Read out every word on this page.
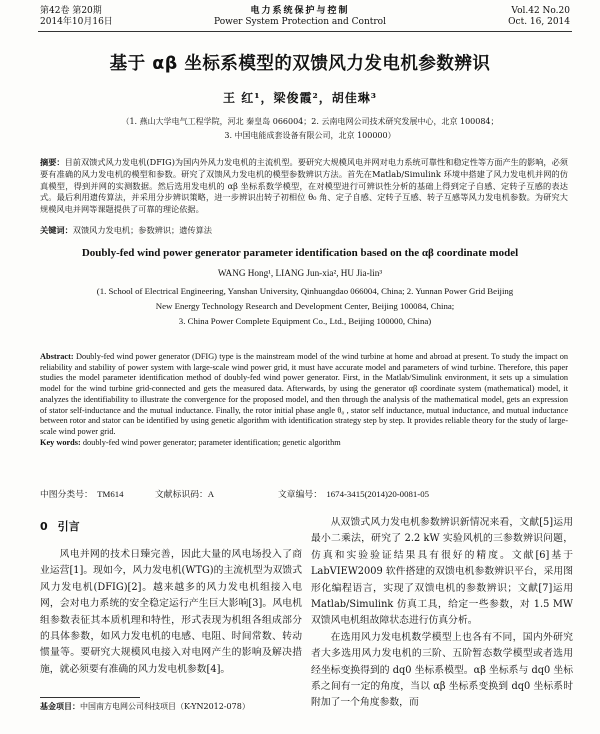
第42卷 第20期
2014年10月16日
电力系统保护与控制
Power System Protection and Control
Vol.42 No.20
Oct. 16, 2014
基于 αβ 坐标系模型的双馈风力发电机参数辨识
王 红¹，梁俊霞²，胡佳琳³
（1. 燕山大学电气工程学院，河北 秦皇岛 066004；2. 云南电网公司技术研究发展中心，北京 100084；
3. 中国电能成套设备有限公司，北京 100000）
摘要：目前双馈式风力发电机(DFIG)为国内外风力发电机的主流机型。要研究大规模风电并网对电力系统可靠性和稳定性等方面产生的影响，必须要有准确的风力发电机的模型和参数。研究了双馈风力发电机的模型参数辨识方法。首先在Matlab/Simulink 环境中搭建了风力发电机并网的仿真模型，得到并网的实测数据。然后选用发电机的 αβ 坐标系数学模型，在对模型进行可辨识性分析的基础上得到定子自感、定转子互感的表达式。最后利用遗传算法，并采用分步辨识策略，进一步辨识出转子初相位 θ₀ 角、定子自感、定转子互感、转子互感等风力发电机参数。为研究大规模风电并网等课题提供了可靠的理论依据。
关键词：双馈风力发电机；参数辨识；遗传算法
Doubly-fed wind power generator parameter identification based on the αβ coordinate model
WANG Hong¹, LIANG Jun-xia², HU Jia-lin³
(1. School of Electrical Engineering, Yanshan University, Qinhuangdao 066004, China; 2. Yunnan Power Grid Beijing
New Energy Technology Research and Development Center, Beijing 100084, China;
3. China Power Complete Equipment Co., Ltd., Beijing 100000, China)
Abstract: Doubly-fed wind power generator (DFIG) type is the mainstream model of the wind turbine at home and abroad at present. To study the impact on reliability and stability of power system with large-scale wind power grid, it must have accurate model and parameters of wind turbine. Therefore, this paper studies the model parameter identification method of doubly-fed wind power generator. First, in the Matlab/Simulink environment, it sets up a simulation model for the wind turbine grid-connected and gets the measured data. Afterwards, by using the generator αβ coordinate system (mathematical) model, it analyzes the identifiability to illustrate the convergence for the proposed model, and then through the analysis of the mathematical model, gets an expression of stator self-inductance and the mutual inductance. Finally, the rotor initial phase angle θ₀ , stator self inductance, mutual inductance, and mutual inductance between rotor and stator can be identified by using genetic algorithm with identification strategy step by step. It provides reliable theory for the study of large-scale wind power grid.
Key words: doubly-fed wind power generator; parameter identification; genetic algorithm
中图分类号：　TM614	文献标识码：A	文章编号：　1674-3415(2014)20-0081-05
0 引言
风电并网的技术日臻完善，因此大量的风电场投入了商业运营[1]。现如今，风力发电机(WTG)的主流机型为双馈式风力发电机(DFIG)[2]。越来越多的风力发电机组接入电网，会对电力系统的安全稳定运行产生巨大影响[3]。风电机组参数表征其本质机理和特性，形式表现为机组各组成部分的具体参数，如风力发电机的电感、电阻、时间常数、转动惯量等。要研究大规模风电接入对电网产生的影响及解决措施，就必须要有准确的风力发电机参数[4]。

从双馈式风力发电机参数辨识新情况来看，文献[5]运用最小二乘法，研究了 2.2 kW 实验风机的三参数辨识问题，仿真和实验验证结果具有很好的精度。文献[6]基于 LabVIEW2009 软件搭建的双馈电机参数辨识平台，采用图形化编程语言，实现了双馈电机的参数辨识；文献[7]运用 Matlab/Simulink 仿真工具，给定一些参数，对 1.5 MW 双馈风电机组故障状态进行仿真分析。

在选用风力发电机数学模型上也各有不同，国内外研究者大多选用风力发电机的三阶、五阶暂态数学模型或者选用经坐标变换得到的 dq0 坐标系模型。αβ 坐标系与 dq0 坐标系之间有一定的角度，当以 αβ 坐标系变换到 dq0 坐标系时附加了一个角度参数，而

基金项目：中国南方电网公司科技项目（K-YN2012-078）
